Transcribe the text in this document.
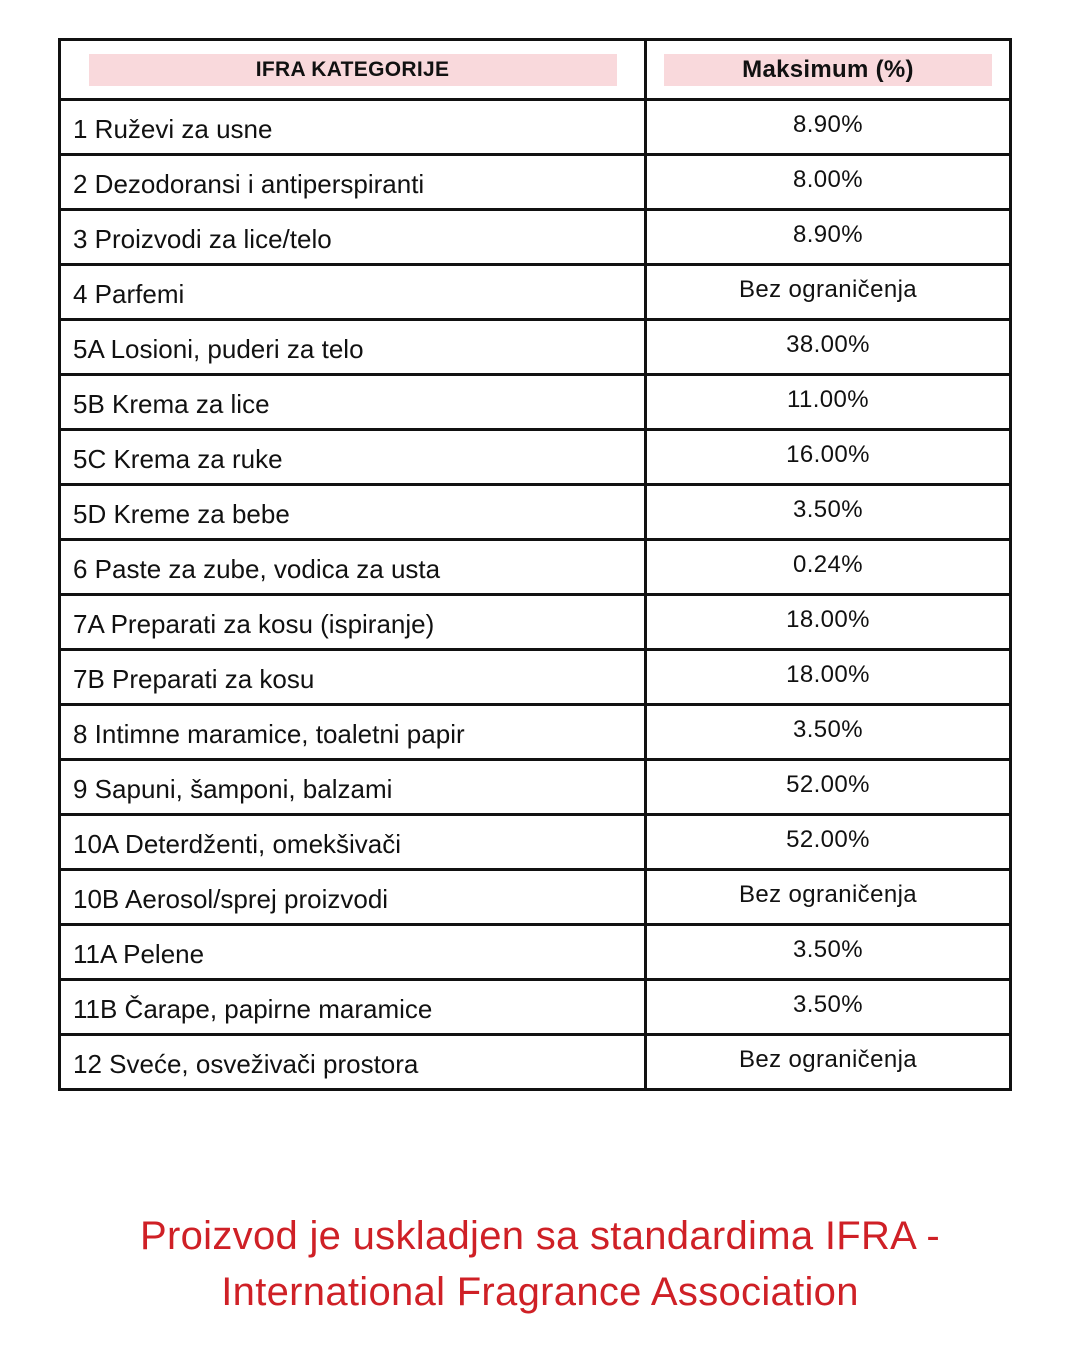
IFRA KATEGORIJE	Maksimum (%)

1 Ruževi za usne	8.90%
2 Dezodoransi i antiperspiranti	8.00%
3 Proizvodi za lice/telo	8.90%
4 Parfemi	Bez ograničenja
5A Losioni, puderi za telo	38.00%
5B Krema za lice	11.00%
5C Krema za ruke	16.00%
5D Kreme za bebe	3.50%
6 Paste za zube, vodica za usta	0.24%
7A Preparati za kosu (ispiranje)	18.00%
7B Preparati za kosu	18.00%
8 Intimne maramice, toaletni papir	3.50%
9 Sapuni, šamponi, balzami	52.00%
10A Deterdženti, omekšivači	52.00%
10B Aerosol/sprej proizvodi	Bez ograničenja
11A Pelene	3.50%
11B Čarape, papirne maramice	3.50%
12 Sveće, osveživači prostora	Bez ograničenja
Proizvod je uskladjen sa standardima IFRA -
International Fragrance Association
